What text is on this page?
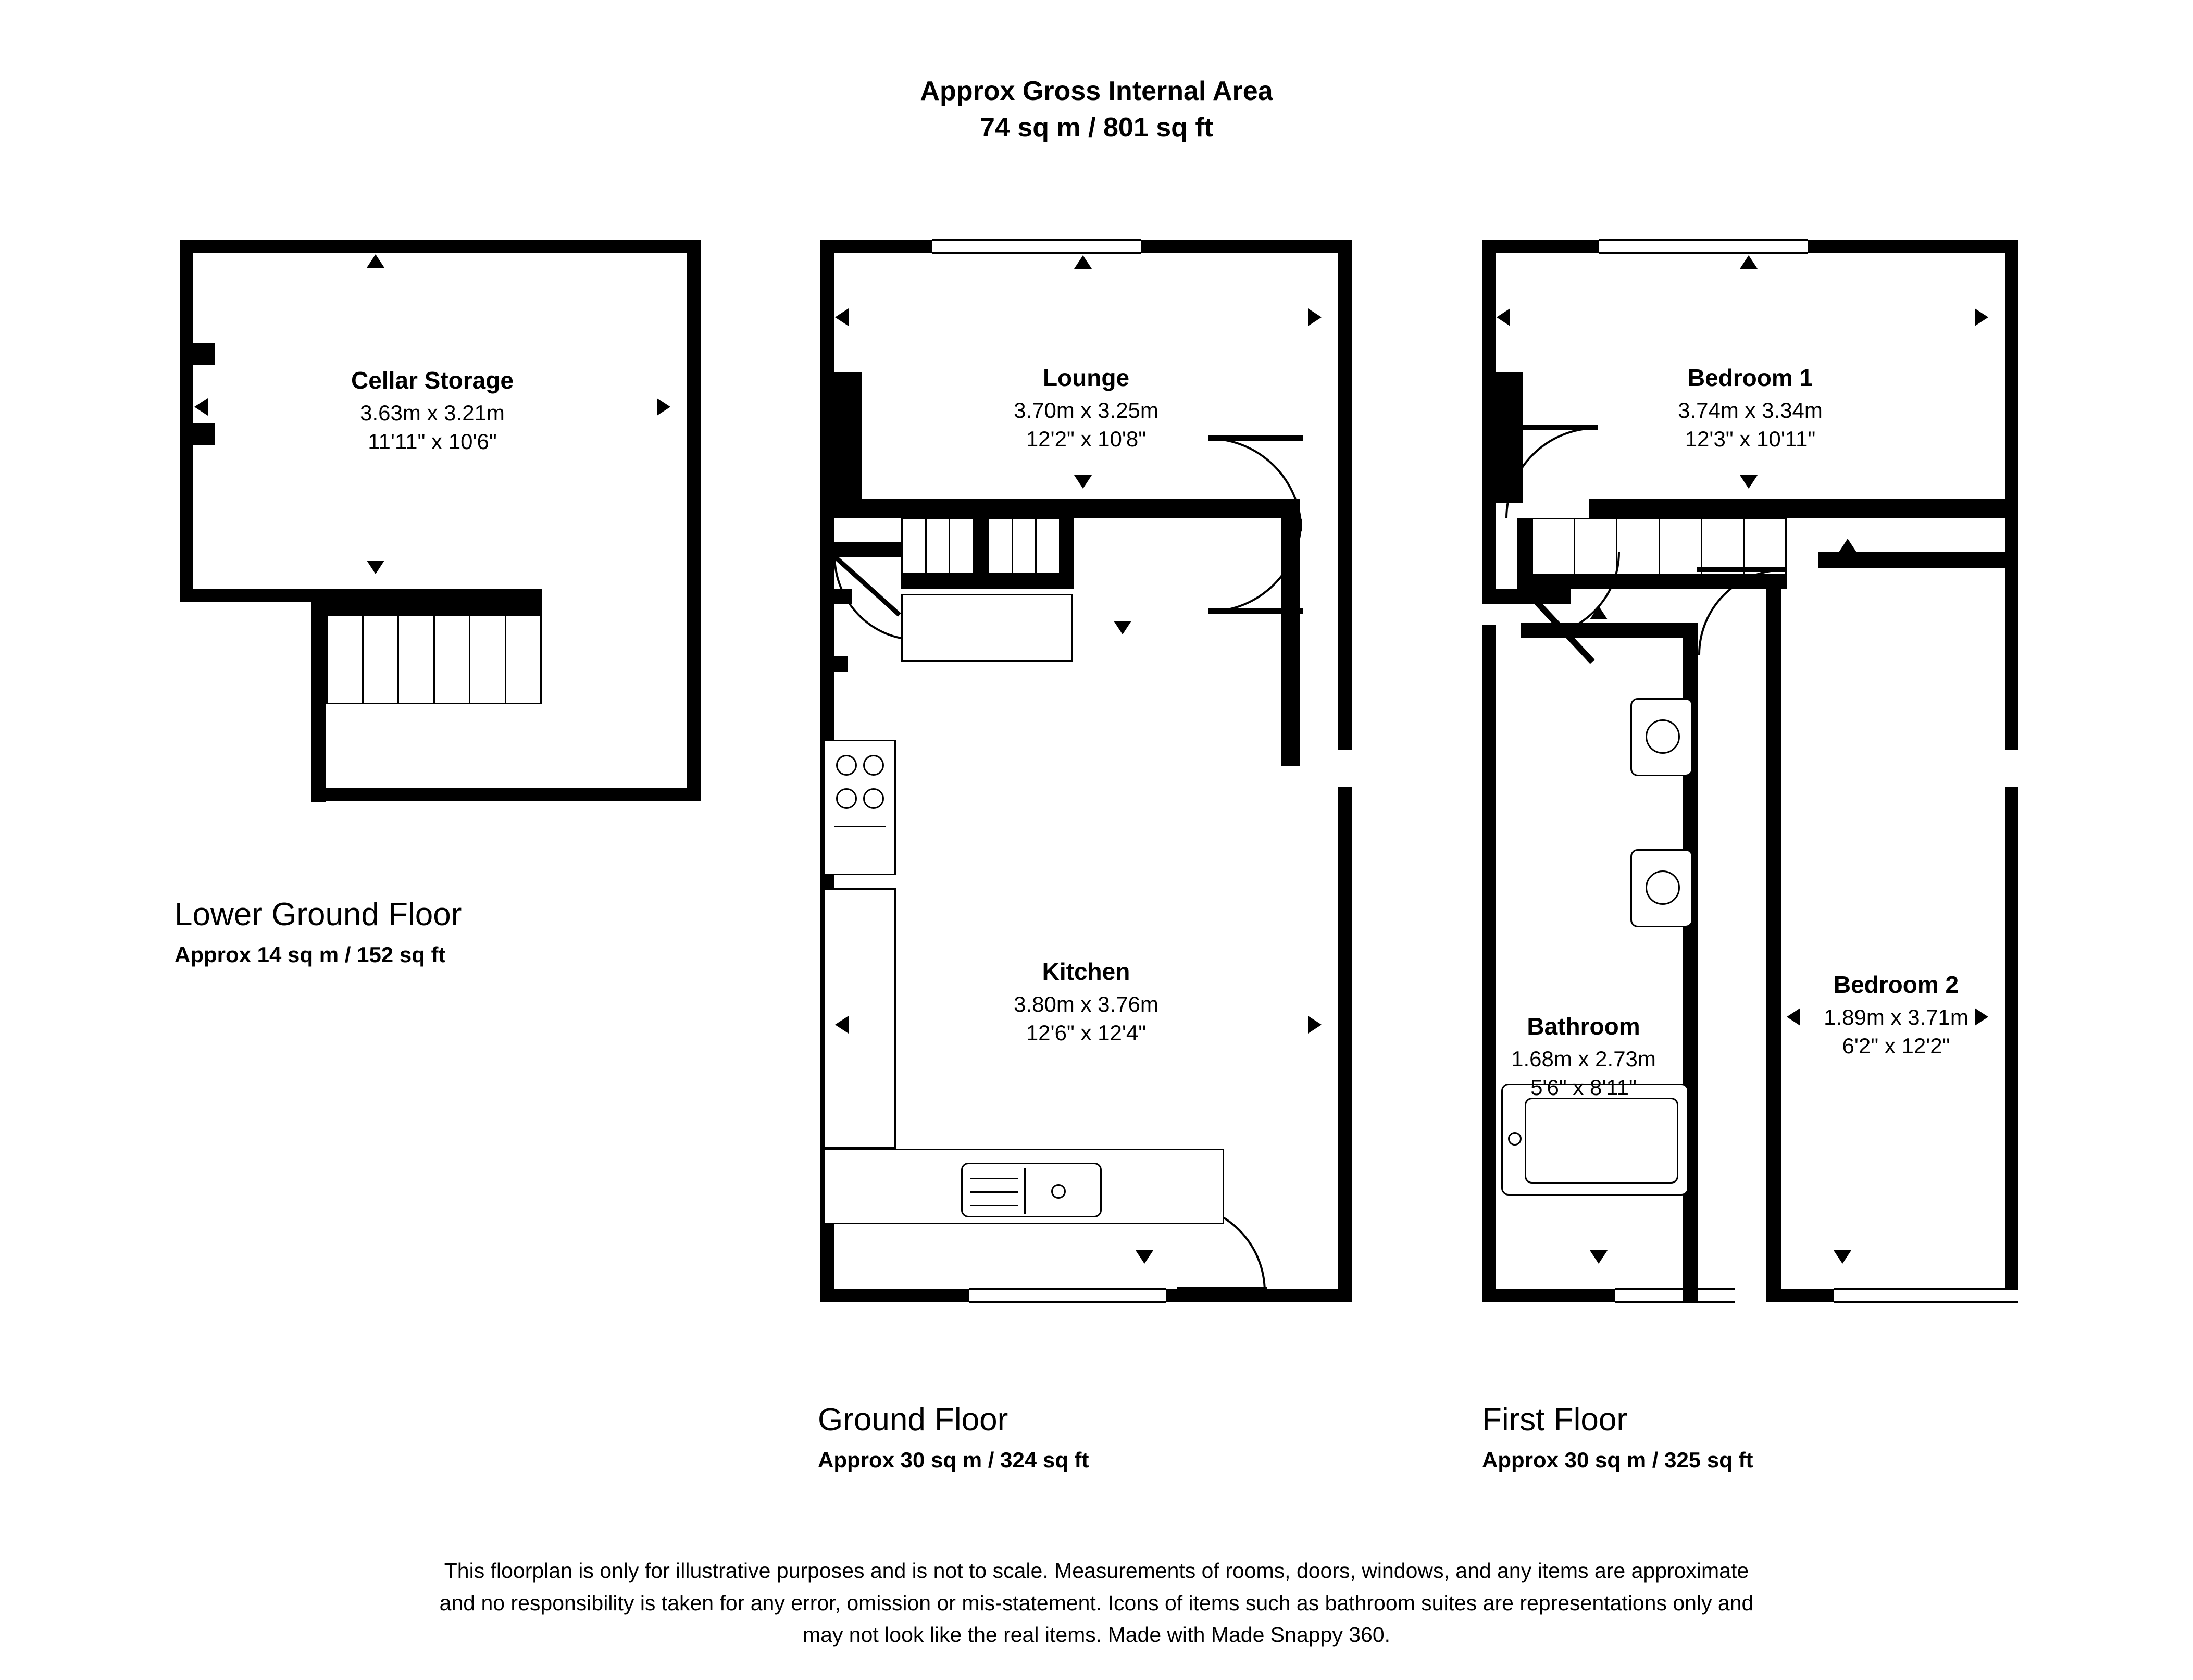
Approx Gross Internal Area
74 sq m / 801 sq ft
Cellar Storage
3.63m x 3.21m
11'11" x 10'6"
Lower Ground Floor
Approx 14 sq m / 152 sq ft
Lounge
3.70m x 3.25m
12'2" x 10'8"
Kitchen
3.80m x 3.76m
12'6" x 12'4"
Ground Floor
Approx 30 sq m / 324 sq ft
Bedroom 1
3.74m x 3.34m
12'3" x 10'11"
Bedroom 2
1.89m x 3.71m
6'2" x 12'2"
Bathroom
1.68m x 2.73m
5'6" x 8'11"
First Floor
Approx 30 sq m / 325 sq ft
This floorplan is only for illustrative purposes and is not to scale. Measurements of rooms, doors, windows, and any items are approximate
and no responsibility is taken for any error, omission or mis-statement. Icons of items such as bathroom suites are representations only and
may not look like the real items. Made with Made Snappy 360.
